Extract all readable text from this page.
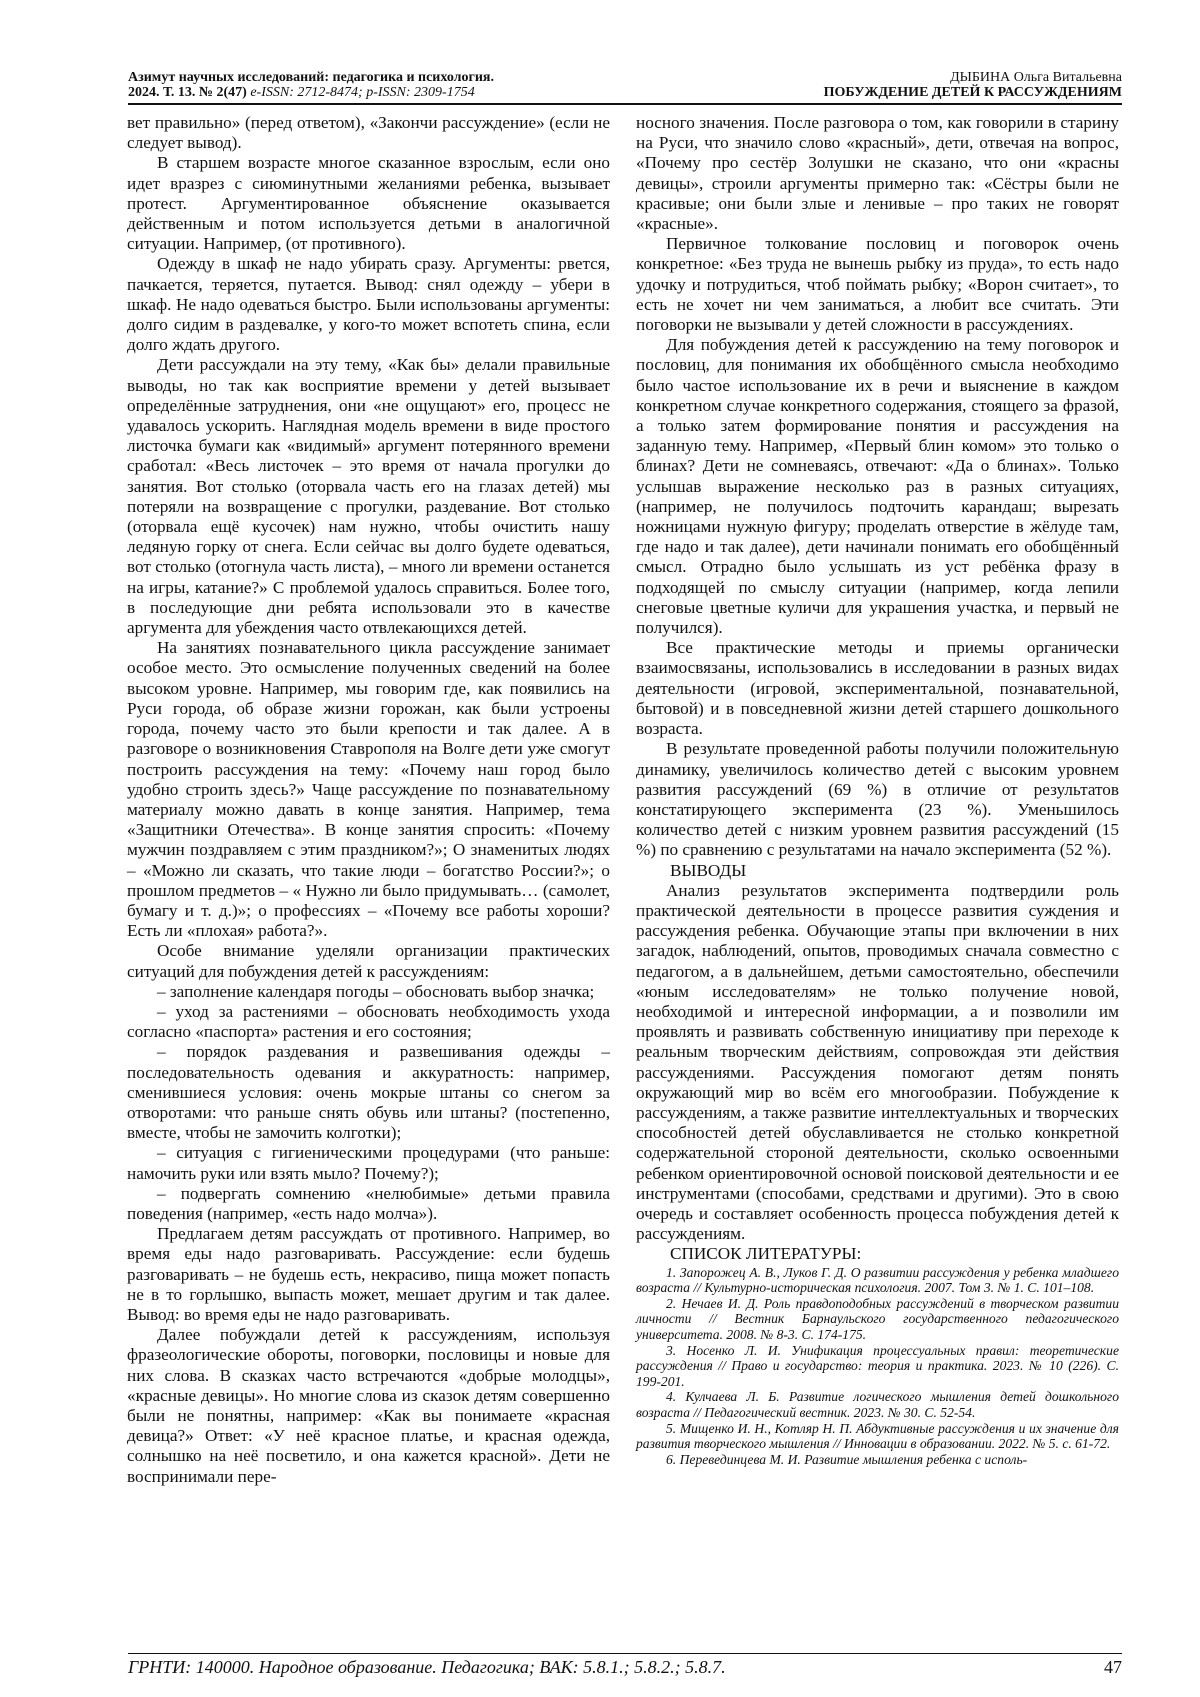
Азимут научных исследований: педагогика и психология.
2024. Т. 13. № 2(47) e-ISSN: 2712-8474; p-ISSN: 2309-1754
ДЫБИНА Ольга Витальевна
ПОБУЖДЕНИЕ ДЕТЕЙ К РАССУЖДЕНИЯМ

вет правильно» (перед ответом), «Закончи рассуждение» (если не следует вывод).

В старшем возрасте многое сказанное взрослым, если оно идет вразрез с сиюминутными желаниями ребенка, вызывает протест. Аргументированное объяснение оказывается действенным и потом используется детьми в аналогичной ситуации. Например, (от противного).

Одежду в шкаф не надо убирать сразу. Аргументы: рвется, пачкается, теряется, путается. Вывод: снял одежду – убери в шкаф. Не надо одеваться быстро. Были использованы аргументы: долго сидим в раздевалке, у кого-то может вспотеть спина, если долго ждать другого.

Дети рассуждали на эту тему, «Как бы» делали правильные выводы, но так как восприятие времени у детей вызывает определённые затруднения, они «не ощущают» его, процесс не удавалось ускорить. Наглядная модель времени в виде простого листочка бумаги как «видимый» аргумент потерянного времени сработал: «Весь листочек – это время от начала прогулки до занятия. Вот столько (оторвала часть его на глазах детей) мы потеряли на возвращение с прогулки, раздевание. Вот столько (оторвала ещё кусочек) нам нужно, чтобы очистить нашу ледяную горку от снега. Если сейчас вы долго будете одеваться, вот столько (отогнула часть листа), – много ли времени останется на игры, катание?» С проблемой удалось справиться. Более того, в последующие дни ребята использовали это в качестве аргумента для убеждения часто отвлекающихся детей.

На занятиях познавательного цикла рассуждение занимает особое место. Это осмысление полученных сведений на более высоком уровне. Например, мы говорим где, как появились на Руси города, об образе жизни горожан, как были устроены города, почему часто это были крепости и так далее. А в разговоре о возникновения Ставрополя на Волге дети уже смогут построить рассуждения на тему: «Почему наш город было удобно строить здесь?» Чаще рассуждение по познавательному материалу можно давать в конце занятия. Например, тема «Защитники Отечества». В конце занятия спросить: «Почему мужчин поздравляем с этим праздником?»; О знаменитых людях – «Можно ли сказать, что такие люди – богатство России?»; о прошлом предметов – « Нужно ли было придумывать… (самолет, бумагу и т. д.)»; о профессиях – «Почему все работы хороши? Есть ли «плохая» работа?».

Особе внимание уделяли организации практических ситуаций для побуждения детей к рассуждениям:

– заполнение календаря погоды – обосновать выбор значка;

– уход за растениями – обосновать необходимость ухода согласно «паспорта» растения и его состояния;

– порядок раздевания и развешивания одежды – последовательность одевания и аккуратность: например, сменившиеся условия: очень мокрые штаны со снегом за отворотами: что раньше снять обувь или штаны? (постепенно, вместе, чтобы не замочить колготки);

– ситуация с гигиеническими процедурами (что раньше: намочить руки или взять мыло? Почему?);

– подвергать сомнению «нелюбимые» детьми правила поведения (например, «есть надо молча»).

Предлагаем детям рассуждать от противного. Например, во время еды надо разговаривать. Рассуждение: если будешь разговаривать – не будешь есть, некрасиво, пища может попасть не в то горлышко, выпасть может, мешает другим и так далее. Вывод: во время еды не надо разговаривать.

Далее побуждали детей к рассуждениям, используя фразеологические обороты, поговорки, пословицы и новые для них слова. В сказках часто встречаются «добрые молодцы», «красные девицы». Но многие слова из сказок детям совершенно были не понятны, например: «Как вы понимаете «красная девица?» Ответ: «У неё красное платье, и красная одежда, солнышко на неё посветило, и она кажется красной». Дети не воспринимали пере-

носного значения. После разговора о том, как говорили в старину на Руси, что значило слово «красный», дети, отвечая на вопрос, «Почему про сестёр Золушки не сказано, что они «красны девицы», строили аргументы примерно так: «Сёстры были не красивые; они были злые и ленивые – про таких не говорят «красные».

Первичное толкование пословиц и поговорок очень конкретное: «Без труда не вынешь рыбку из пруда», то есть надо удочку и потрудиться, чтоб поймать рыбку; «Ворон считает», то есть не хочет ни чем заниматься, а любит все считать. Эти поговорки не вызывали у детей сложности в рассуждениях.

Для побуждения детей к рассуждению на тему поговорок и пословиц, для понимания их обобщённого смысла необходимо было частое использование их в речи и выяснение в каждом конкретном случае конкретного содержания, стоящего за фразой, а только затем формирование понятия и рассуждения на заданную тему. Например, «Первый блин комом» это только о блинах? Дети не сомневаясь, отвечают: «Да о блинах». Только услышав выражение несколько раз в разных ситуациях, (например, не получилось подточить карандаш; вырезать ножницами нужную фигуру; проделать отверстие в жёлуде там, где надо и так далее), дети начинали понимать его обобщённый смысл. Отрадно было услышать из уст ребёнка фразу в подходящей по смыслу ситуации (например, когда лепили снеговые цветные куличи для украшения участка, и первый не получился).

Все практические методы и приемы органически взаимосвязаны, использовались в исследовании в разных видах деятельности (игровой, экспериментальной, познавательной, бытовой) и в повседневной жизни детей старшего дошкольного возраста.

В результате проведенной работы получили положительную динамику, увеличилось количество детей с высоким уровнем развития рассуждений (69 %) в отличие от результатов констатирующего эксперимента (23 %). Уменьшилось количество детей с низким уровнем развития рассуждений (15 %) по сравнению с результатами на начало эксперимента (52 %).

ВЫВОДЫ

Анализ результатов эксперимента подтвердили роль практической деятельности в процессе развития суждения и рассуждения ребенка. Обучающие этапы при включении в них загадок, наблюдений, опытов, проводимых сначала совместно с педагогом, а в дальнейшем, детьми самостоятельно, обеспечили «юным исследователям» не только получение новой, необходимой и интересной информации, а и позволили им проявлять и развивать собственную инициативу при переходе к реальным творческим действиям, сопровождая эти действия рассуждениями. Рассуждения помогают детям понять окружающий мир во всём его многообразии. Побуждение к рассуждениям, а также развитие интеллектуальных и творческих способностей детей обуславливается не столько конкретной содержательной стороной деятельности, сколько освоенными ребенком ориентировочной основой поисковой деятельности и ее инструментами (способами, средствами и другими). Это в свою очередь и составляет особенность процесса побуждения детей к рассуждениям.

СПИСОК ЛИТЕРАТУРЫ:

1. Запорожец А. В., Луков Г. Д. О развитии рассуждения у ребенка младшего возраста // Культурно-историческая психология. 2007. Том 3. № 1. С. 101–108.

2. Нечаев И. Д. Роль правдоподобных рассуждений в творческом развитии личности // Вестник Барнаульского государственного педагогического университета. 2008. № 8-3. С. 174-175.

3. Носенко Л. И. Унификация процессуальных правил: теоретические рассуждения // Право и государство: теория и практика. 2023. № 10 (226). С. 199-201.

4. Кулчаева Л. Б. Развитие логического мышления детей дошкольного возраста // Педагогический вестник. 2023. № 30. С. 52-54.

5. Мищенко И. Н., Котляр Н. П. Абдуктивные рассуждения и их значение для развития творческого мышления // Инновации в образовании. 2022. № 5. с. 61-72.

6. Перевединцева М. И. Развитие мышления ребенка с исполь-

ГРНТИ: 140000. Народное образование. Педагогика; ВАК: 5.8.1.; 5.8.2.; 5.8.7.	47
